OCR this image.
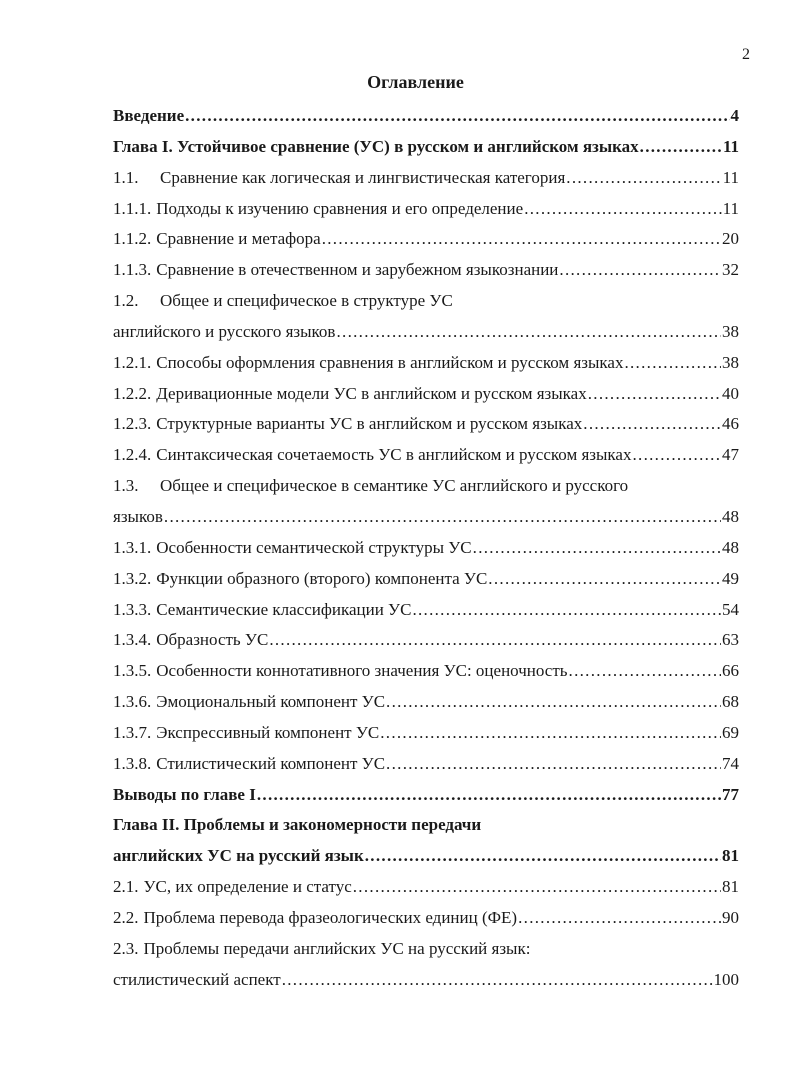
2
Оглавление
Введение .....	4
Глава I. Устойчивое сравнение (УС) в русском и английском языках .....	11
1.1.	Сравнение как логическая и лингвистическая категория .....	11
1.1.1. Подходы к изучению сравнения и его определение .....	11
1.1.2. Сравнение и метафора .....	20
1.1.3. Сравнение в отечественном и зарубежном языкознании .....	32
1.2.	Общее и специфическое в структуре УС
английского и русского языков .....	38
1.2.1. Способы оформления сравнения в английском и русском языках .....	38
1.2.2. Деривационные модели УС в английском и русском языках .....	40
1.2.3. Структурные варианты УС в английском и русском языках .....	46
1.2.4. Синтаксическая сочетаемость УС в английском и русском языках .....	47
1.3.	Общее и специфическое в семантике УС английского и русского
языков .....	48
1.3.1. Особенности семантической структуры УС .....	48
1.3.2. Функции образного (второго) компонента УС .....	49
1.3.3. Семантические классификации УС .....	54
1.3.4. Образность УС .....	63
1.3.5. Особенности коннотативного значения УС: оценочность .....	66
1.3.6. Эмоциональный компонент УС .....	68
1.3.7. Экспрессивный компонент УС .....	69
1.3.8. Стилистический компонент УС .....	74
Выводы по главе I .....	77
Глава II. Проблемы и закономерности передачи
английских УС на русский язык .....	81
2.1. УС, их определение и статус .....	81
2.2. Проблема перевода фразеологических единиц (ФЕ) .....	90
2.3. Проблемы передачи английских УС на русский язык:
стилистический аспект .....	100
